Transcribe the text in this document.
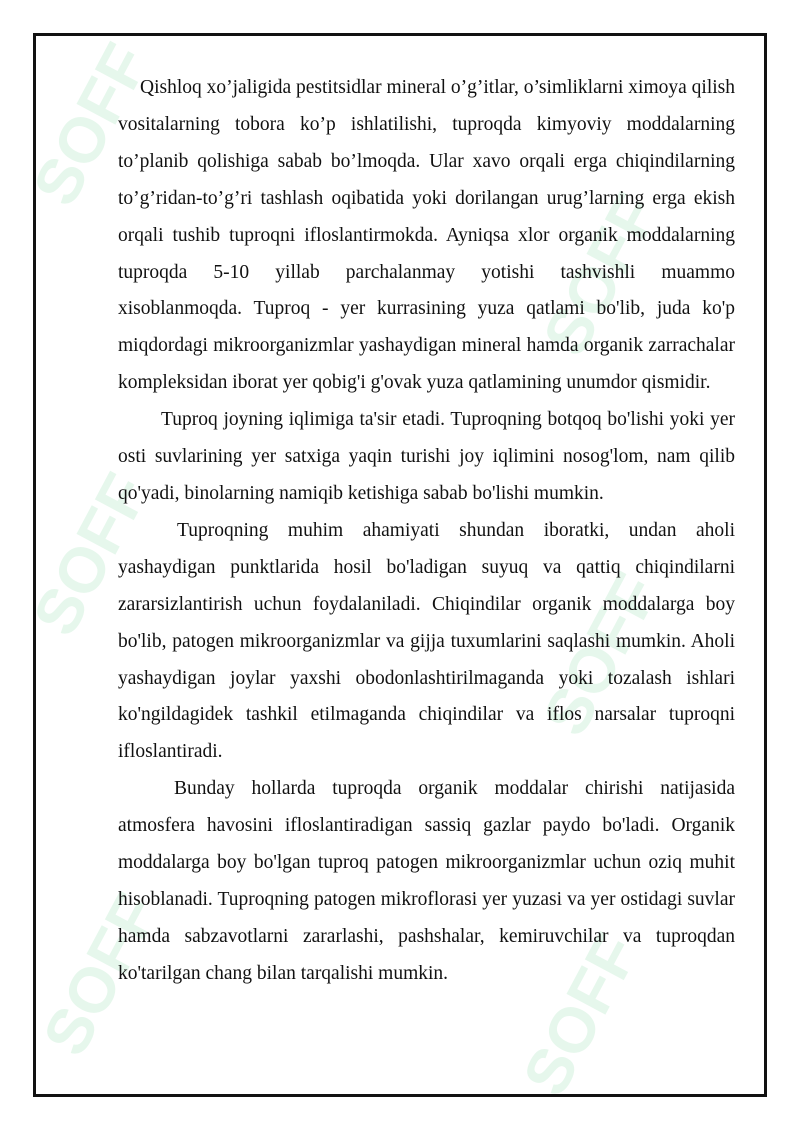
SOFF
SOFF
SOFF
SOFF
SOFF	SOFF

Qishloq xo’jaligida pestitsidlar mineral o’g’itlar, o’simliklarni ximoya qilish vositalarning tobora ko’p ishlatilishi, tuproqda kimyoviy moddalarning to’planib qolishiga sabab bo’lmoqda. Ular xavo orqali erga chiqindilarning to’g’ridan-to’g’ri tashlash oqibatida yoki dorilangan urug’larning erga ekish orqali tushib tuproqni ifloslantirmokda. Ayniqsa xlor organik moddalarning tuproqda 5-10 yillab parchalanmay yotishi tashvishli muammo xisoblanmoqda. Tuproq - yer kurrasining yuza qatlami bo'lib, juda ko'p miqdordagi mikroorganizmlar yashaydigan mineral hamda organik zarrachalar kompleksidan iborat yer qobig'i g'ovak yuza qatlamining unumdor qismidir.

Tuproq joyning iqlimiga ta'sir etadi. Tuproqning botqoq bo'lishi yoki yer osti suvlarining yer satxiga yaqin turishi joy iqlimini nosog'lom, nam qilib qo'yadi, binolarning namiqib ketishiga sabab bo'lishi mumkin.

Tuproqning muhim ahamiyati shundan iboratki, undan aholi yashaydigan punktlarida hosil bo'ladigan suyuq va qattiq chiqindilarni zararsizlantirish uchun foydalaniladi. Chiqindilar organik moddalarga boy bo'lib, patogen mikroorganizmlar va gijja tuxumlarini saqlashi mumkin. Aholi yashaydigan joylar yaxshi obodonlashtirilmaganda yoki tozalash ishlari ko'ngildagidek tashkil etilmaganda chiqindilar va iflos narsalar tuproqni ifloslantiradi.

Bunday hollarda tuproqda organik moddalar chirishi natijasida atmosfera havosini ifloslantiradigan sassiq gazlar paydo bo'ladi. Organik moddalarga boy bo'lgan tuproq patogen mikroorganizmlar uchun oziq muhit hisoblanadi. Tuproqning patogen mikroflorasi yer yuzasi va yer ostidagi suvlar hamda sabzavotlarni zararlashi, pashshalar, kemiruvchilar va tuproqdan ko'tarilgan chang bilan tarqalishi mumkin.
